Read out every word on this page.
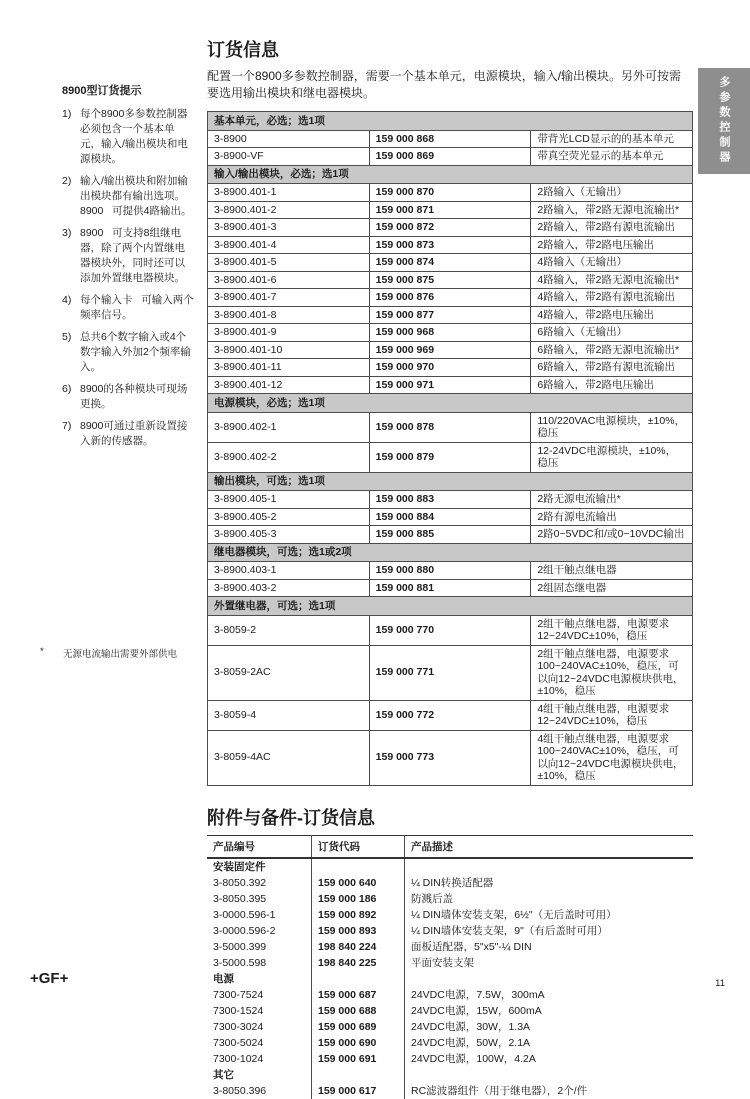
多参数控制器
8900型订货提示
1) 每个8900多参数控制器必须包含一个基本单元，输入/输出模块和电源模块。
2) 输入/输出模块和附加输出模块都有输出选项。8900   可提供4路输出。
3) 8900   可支持8组继电器，除了两个内置继电器模块外，同时还可以添加外置继电器模块。
4) 每个输入卡   可输入两个频率信号。
5) 总共6个数字输入或4个数字输入外加2个频率输入。
6) 8900的各种模块可现场更换。
7) 8900可通过重新设置接入新的传感器。
*	无源电流输出需要外部供电
订货信息

配置一个8900多参数控制器，需要一个基本单元，电源模块，输入/输出模块。另外可按需要选用输出模块和继电器模块。

基本单元，必选；选1项		
3-8900	159 000 868	带背光LCD显示的的基本单元
3-8900-VF	159 000 869	带真空荧光显示的基本单元
输入/输出模块，必选；选1项		
3-8900.401-1	159 000 870	2路输入（无输出）
3-8900.401-2	159 000 871	2路输入，带2路无源电流输出*
3-8900.401-3	159 000 872	2路输入，带2路有源电流输出
3-8900.401-4	159 000 873	2路输入，带2路电压输出
3-8900.401-5	159 000 874	4路输入（无输出）
3-8900.401-6	159 000 875	4路输入，带2路无源电流输出*
3-8900.401-7	159 000 876	4路输入，带2路有源电流输出
3-8900.401-8	159 000 877	4路输入，带2路电压输出
3-8900.401-9	159 000 968	6路输入（无输出）
3-8900.401-10	159 000 969	6路输入，带2路无源电流输出*
3-8900.401-11	159 000 970	6路输入，带2路有源电流输出
3-8900.401-12	159 000 971	6路输入，带2路电压输出
电源模块，必选；选1项		
3-8900.402-1	159 000 878	110/220VAC电源模块，±10%，稳压
3-8900.402-2	159 000 879	12-24VDC电源模块，±10%，稳压
输出模块，可选；选1项		
3-8900.405-1	159 000 883	2路无源电流输出*
3-8900.405-2	159 000 884	2路有源电流输出
3-8900.405-3	159 000 885	2路0~5VDC和/或0~10VDC输出
继电器模块，可选；选1或2项		
3-8900.403-1	159 000 880	2组干触点继电器
3-8900.403-2	159 000 881	2组固态继电器
外置继电器，可选；选1项		
3-8059-2	159 000 770	2组干触点继电器，电源要求12~24VDC±10%，稳压
3-8059-2AC	159 000 771	2组干触点继电器，电源要求100~240VAC±10%，稳压，可以向12~24VDC电源模块供电，±10%，稳压
3-8059-4	159 000 772	4组干触点继电器，电源要求12~24VDC±10%，稳压
3-8059-4AC	159 000 773	4组干触点继电器，电源要求100~240VAC±10%，稳压，可以向12~24VDC电源模块供电，±10%，稳压
附件与备件-订货信息
产品编号	订货代码	产品描述
安装固定件		
3-8050.392	159 000 640	¼ DIN转换适配器
3-8050.395	159 000 186	防溅后盖
3-0000.596-1	159 000 892	¼ DIN墙体安装支架，6½"（无后盖时可用）
3-0000.596-2	159 000 893	¼ DIN墙体安装支架，9"（有后盖时可用）
3-5000.399	198 840 224	面板适配器，5"x5"-¼ DIN
3-5000.598	198 840 225	平面安装支架
电源		
7300-7524	159 000 687	24VDC电源，7.5W，300mA
7300-1524	159 000 688	24VDC电源，15W，600mA
7300-3024	159 000 689	24VDC电源，30W，1.3A
7300-5024	159 000 690	24VDC电源，50W，2.1A
7300-1024	159 000 691	24VDC电源，100W，4.2A
其它		
3-8050.396	159 000 617	RC滤波器组件（用于继电器），2个/件
+GF+	11
